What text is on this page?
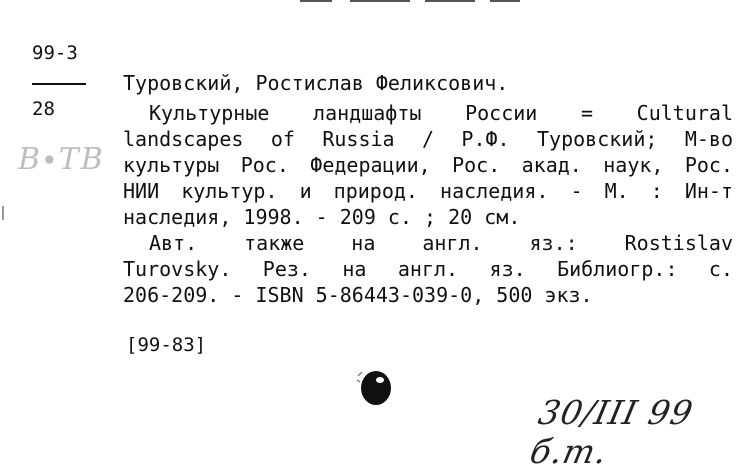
99-3
28
В∙ТВ
Туровский, Ростислав Феликсович.
Культурные ландшафты России = Cultural
landscapes of Russia / Р.Ф. Туровский; М-во
культуры Рос. Федерации, Рос. акад. наук, Рос.
НИИ культур. и природ. наследия. - М. : Ин-т
наследия, 1998. - 209 с. ; 20 см.
Авт. также на англ. яз.: Rostislav
Turovsky. Рез. на англ. яз. Библиогр.: с.
206-209. - ISBN 5-86443-039-0, 500 экз.
[99-83]
30/III 99 б.т.
